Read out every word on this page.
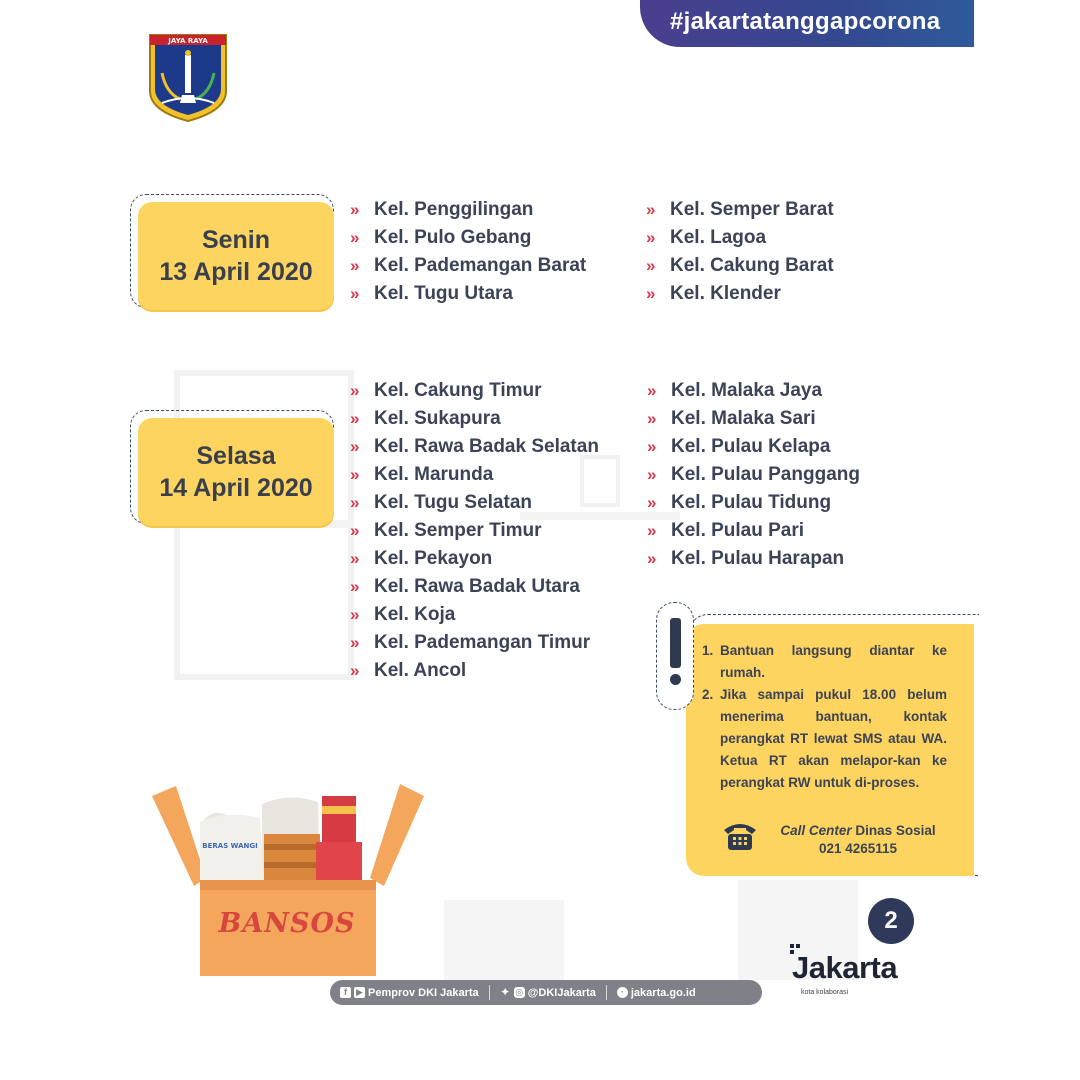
#jakartatanggapcorona
JAYA RAYA
Senin
13 April 2020
» Kel. Penggilingan
» Kel. Pulo Gebang
» Kel. Pademangan Barat
» Kel. Tugu Utara
» Kel. Semper Barat
» Kel. Lagoa
» Kel. Cakung Barat
» Kel. Klender
Selasa
14 April 2020
» Kel. Cakung Timur
» Kel. Sukapura
» Kel. Rawa Badak Selatan
» Kel. Marunda
» Kel. Tugu Selatan
» Kel. Semper Timur
» Kel. Pekayon
» Kel. Rawa Badak Utara
» Kel. Koja
» Kel. Pademangan Timur
» Kel. Ancol
» Kel. Malaka Jaya
» Kel. Malaka Sari
» Kel. Pulau Kelapa
» Kel. Pulau Panggang
» Kel. Pulau Tidung
» Kel. Pulau Pari
» Kel. Pulau Harapan
1. Bantuan langsung diantar ke rumah.
2. Jika sampai pukul 18.00 belum menerima bantuan, kontak perangkat RT lewat SMS atau WA. Ketua RT akan melapor-kan ke perangkat RW untuk di-proses.
Call Center Dinas Sosial
021 4265115
BERAS WANGI
BANSOS	2
Jakarta
kota kolaborasi
f	▶ Pemprov DKI Jakarta ✦ ◎ @DKIJakarta	· jakarta.go.id
